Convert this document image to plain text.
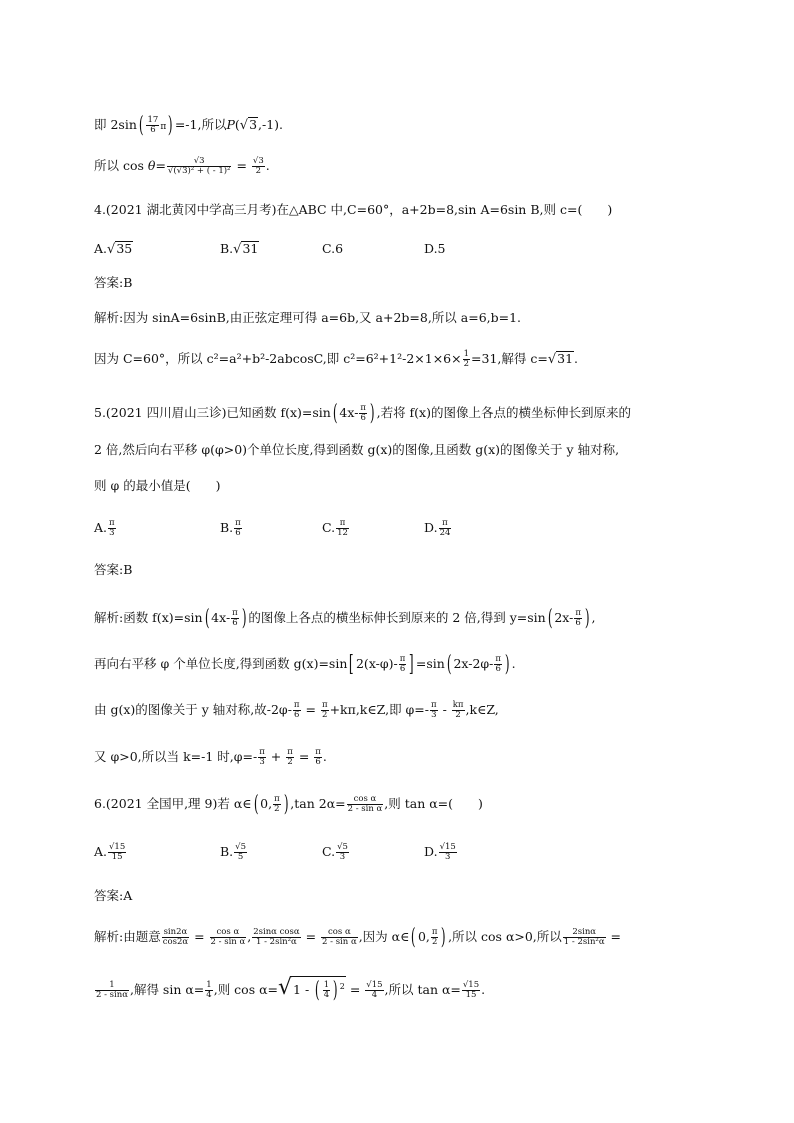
即 $2\sin( \frac{17}{6} \pi) =-1$,所以P(√3,-1).
所以 $\cos \theta= \frac{√3}{\text{√(√3)² + ( - 1)²}} = \frac{√3}{2}$ .
4.(2021 湖北黄冈中学高三月考)在△ABC 中,C=60°，a+2b=8,sin A=6sin B,则 c=(　　)
A.√35	B.√31	C.6	D.5
答案:B
解析:因为 sinA=6sinB,由正弦定理可得 a=6b,又 a+2b=8,所以 a=6,b=1.
因为 C=60°，所以 c²=a²+b²-2abcosC,即 $c^2=6^2+1^2-2\times 1\times 6\times \frac{1}{2} =31$,解得 c=√31.
5.(2021 四川眉山三诊)已知函数 f(x)=sin( $4x- \frac{\pi}{6}$ ) ,若将 f(x)的图像上各点的横坐标伸长到原来的
2 倍,然后向右平移 φ(φ>0)个单位长度,得到函数 g(x)的图像,且函数 g(x)的图像关于 y 轴对称,
则 φ 的最小值是(　　)
A. $\frac{\pi}{3}$	B. $\frac{\pi}{6}$	C. $\frac{\pi}{12}$	D. $\frac{\pi}{24}$
答案:B
解析:函数 f(x)=sin( $4x- \frac{\pi}{6}$ ) 的图像上各点的横坐标伸长到原来的 2 倍,得到 y=sin( $2x- \frac{\pi}{6}$ ) ,
再向右平移 φ 个单位长度,得到函数 g(x)=sin[ $2(x-\varphi)- \frac{\pi}{6}$ ] =sin( $2x-2\varphi- \frac{\pi}{6}$ ) .
由 g(x)的图像关于 y 轴对称,故$-2\varphi- \frac{\pi}{6} = \frac{\pi}{2}$ +kπ,k∈Z,即 $\varphi=- \frac{\pi}{3} - \frac{k\pi}{2}$ ,k∈Z,
又 φ>0,所以当 k=-1 时$,\varphi=- \frac{\pi}{3} + \frac{\pi}{2} = \frac{\pi}{6}$ .
6.(2021 全国甲,理 9)若 α∈( 0, $\frac{\pi}{2}$ ) ,tan $2\alpha= \frac{\text{cos α}}{\text{2 - sin α}}$ ,则 tan α=(　　)
A. $\frac{√15}{15}$	B. $\frac{√5}{5}$	C. $\frac{√5}{3}$	D. $\frac{√15}{3}$
答案:A
解析:由题意 $\frac{\sin 2\alpha}{\cos 2\alpha} = \frac{\text{cos α}}{\text{2 - sin α}}$ , $\frac{\text{2sinα cosα}}{\text{1 - 2sin²α}} = \frac{\text{cos α}}{\text{2 - sin α}}$ ,因为 α∈( 0, $\frac{\pi}{2}$ ) ,所以 cos α>0,所以 $\frac{2\sin\alpha}{\text{1 - 2sin²α}}$ =
$\frac{1}{2 - \sin\alpha}$ ,解得 $\sin \alpha= \frac{1}{4}$ ,则 cos α=√1 - ( $\frac{1}{4}$ ) $^2 = \frac{√15}{4}$ ,所以 $\tan \alpha= \frac{√15}{15}$ .
